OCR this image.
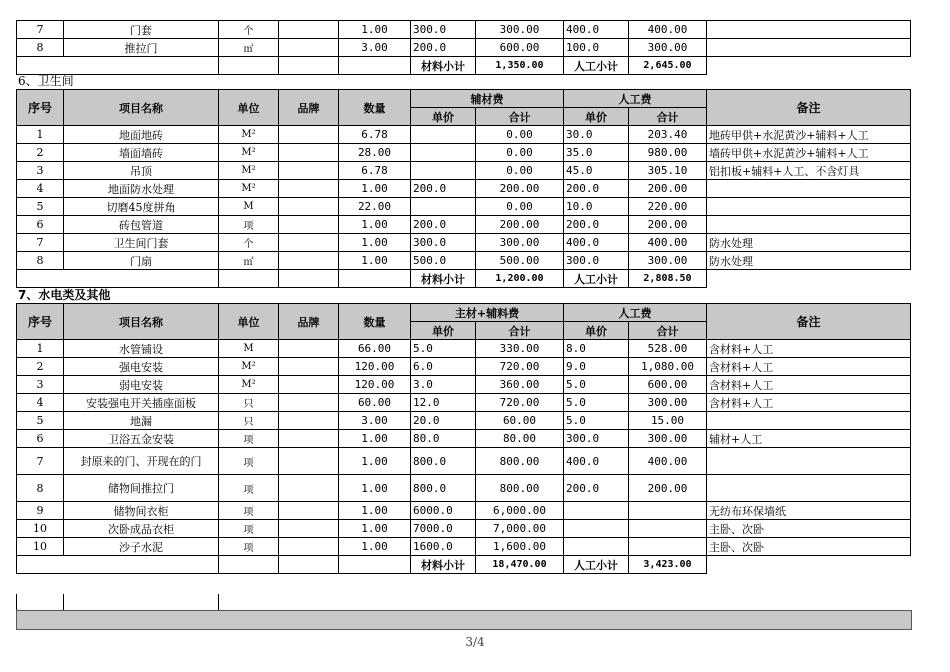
7	门套	个		1.00	300.0	300.00	400.0	400.00	
8	推拉门	㎡		3.00	200.0	600.00	100.0	300.00	
					材料小计	1,350.00	人工小计	2,645.00	
6、卫生间
序号	项目名称	单位	品牌	数量	辅材费		人工费		备注
					单价	合计	单价	合计	
1	地面地砖	M²		6.78		0.00	30.0	203.40	地砖甲供+水泥黄沙+辅料+人工
2	墙面墙砖	M²		28.00		0.00	35.0	980.00	墙砖甲供+水泥黄沙+辅料+人工
3	吊顶	M²		6.78		0.00	45.0	305.10	铝扣板+辅料+人工、不含灯具
4	地面防水处理	M²		1.00	200.0	200.00	200.0	200.00	
5	切磨45度拼角	M		22.00		0.00	10.0	220.00	
6	砖包管道	项		1.00	200.0	200.00	200.0	200.00	
7	卫生间门套	个		1.00	300.0	300.00	400.0	400.00	防水处理
8	门扇	㎡		1.00	500.0	500.00	300.0	300.00	防水处理
					材料小计	1,200.00	人工小计	2,808.50	
7、水电类及其他
序号	项目名称	单位	品牌	数量	主材+辅料费		人工费		备注
					单价	合计	单价	合计	
1	水管铺设	M		66.00	5.0	330.00	8.0	528.00	含材料+人工
2	强电安装	M²		120.00	6.0	720.00	9.0	1,080.00	含材料+人工
3	弱电安装	M²		120.00	3.0	360.00	5.0	600.00	含材料+人工
4	安装强电开关插座面板	只		60.00	12.0	720.00	5.0	300.00	含材料+人工
5	地漏	只		3.00	20.0	60.00	5.0	15.00	
6	卫浴五金安装	项		1.00	80.0	80.00	300.0	300.00	辅材+人工
7	封原来的门、开现在的门	项		1.00	800.0	800.00	400.0	400.00	
8	储物间推拉门	项		1.00	800.0	800.00	200.0	200.00	
9	储物间衣柜	项		1.00	6000.0	6,000.00			无纺布环保墙纸
10	次卧成品衣柜	项		1.00	7000.0	7,000.00			主卧、次卧
10	沙子水泥	项		1.00	1600.0	1,600.00			主卧、次卧
					材料小计	18,470.00	人工小计	3,423.00	
3/4
